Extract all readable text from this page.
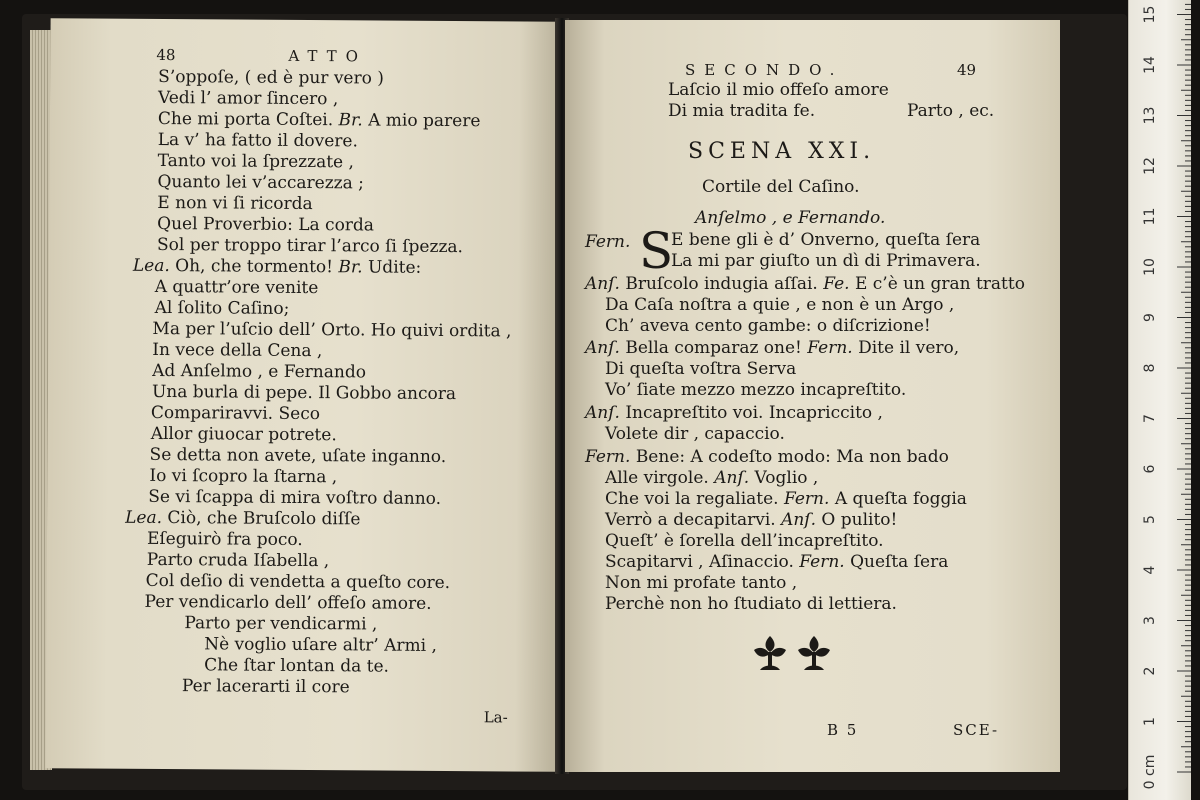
48	ATTO
S’oppoſe, ( ed è pur vero )
Vedi l’ amor ſincero ,
Che mi porta Coſtei. Br. A mio parere
La v’ ha fatto il dovere.
Tanto voi la ſprezzate ,
Quanto lei v’accarezza ;
E non vi ſi ricorda
Quel Proverbio: La corda
Sol per troppo tirar l’arco ſi ſpezza.
Lea. Oh, che tormento! Br. Udite:
A quattr’ore venite
Al ſolito Caſino;
Ma per l’uſcio dell’ Orto. Ho quivi ordita ,
In vece della Cena ,
Ad Anſelmo , e Fernando
Una burla di pepe. Il Gobbo ancora
Compariravvi. Seco
Allor giuocar potrete.
Se detta non avete, uſate inganno.
Io vi ſcopro la ſtarna ,
Se vi ſcappa di mira voſtro danno.
Lea. Ciò, che Bruſcolo diſſe
Eſeguirò fra poco.
Parto cruda Iſabella ,
Col deſio di vendetta a queſto core.
Per vendicarlo dell’ offeſo amore.
Parto per vendicarmi ,
Nè voglio uſare altr’ Armi ,
Che ſtar lontan da te.
Per lacerarti il core
La-
SECONDO.	49
Laſcio il mio offeſo amore
Di mia tradita fe.	Parto , ec.
SCENA XXI.
Cortile del Caſino.
Anſelmo , e Fernando.
Fern. S
E bene gli è d’ Onverno, queſta ſera
La mi par giuſto un dì di Primavera.
Anſ. Bruſcolo indugia aſſai. Fe. E c’è un gran tratto
Da Caſa noſtra a quie , e non è un Argo ,
Ch’ aveva cento gambe: o diſcrizione!
Anſ. Bella comparaz one! Fern. Dite il vero,
Di queſta voſtra Serva
Vo’ ſiate mezzo mezzo incapreſtito.
Anſ. Incapreſtito voi. Incapriccito ,
Volete dir , capaccio.
Fern. Bene: A codeſto modo: Ma non bado
Alle virgole. Anſ. Voglio ,
Che voi la regaliate. Fern. A queſta foggia
Verrò a decapitarvi. Anſ. O pulito!
Queſt’ è ſorella dell’incapreſtito.
Scapitarvi , Aſinaccio. Fern. Queſta ſera
Non mi profate tanto ,
Perchè non ho ſtudiato di lettiera.
B 5	SCE-
0 cm
1
2
3
4
5
6
7
8
9
10
11
12
13
14
15
